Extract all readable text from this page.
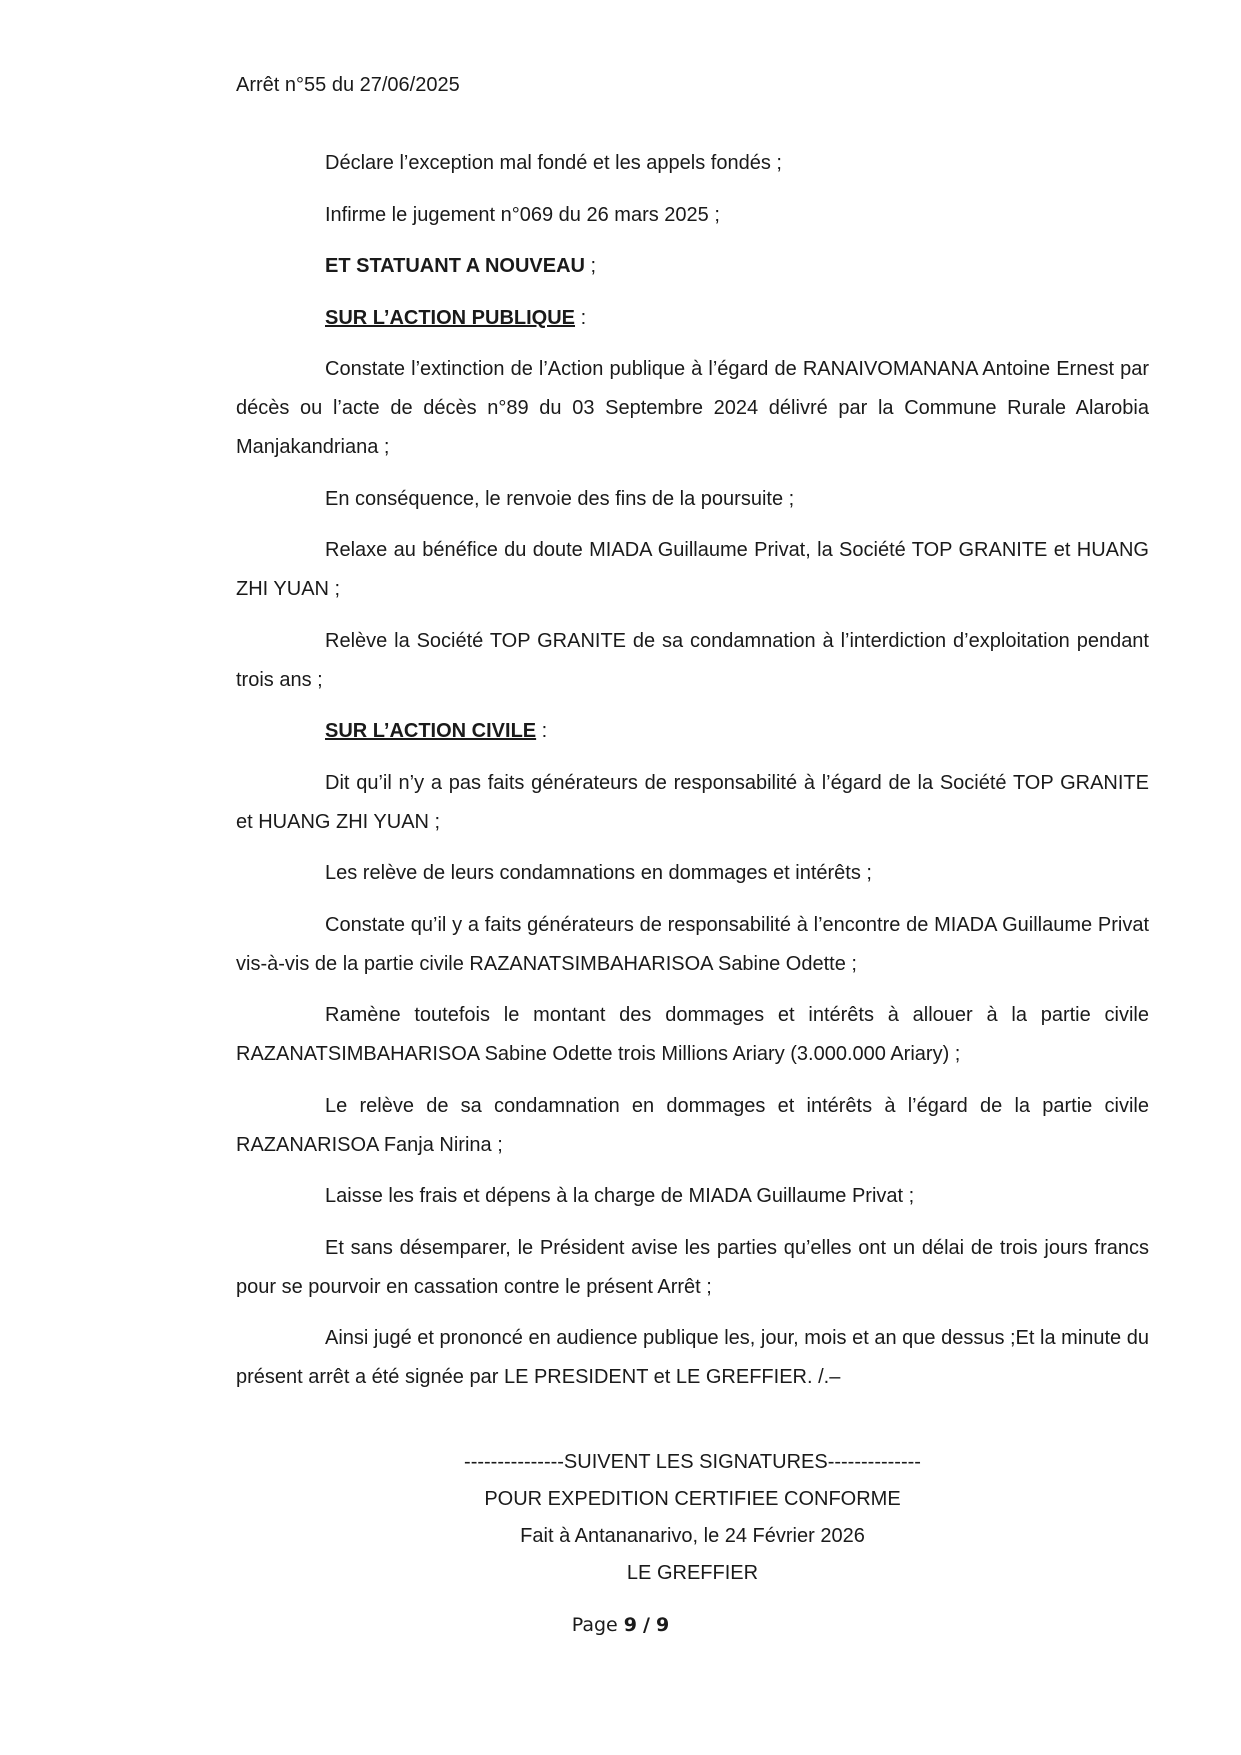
Arrêt n°55 du 27/06/2025

Déclare l’exception mal fondé et les appels fondés ;

Infirme le jugement n°069 du 26 mars 2025 ;

ET STATUANT A NOUVEAU ;

SUR L’ACTION PUBLIQUE :

Constate l’extinction de l’Action publique à l’égard de RANAIVOMANANA Antoine Ernest par décès ou l’acte de décès n°89 du 03 Septembre 2024 délivré par la Commune Rurale Alarobia Manjakandriana ;

En conséquence, le renvoie des fins de la poursuite ;

Relaxe au bénéfice du doute MIADA Guillaume Privat, la Société TOP GRANITE et HUANG ZHI YUAN ;

Relève la Société TOP GRANITE de sa condamnation à l’interdiction d’exploitation pendant trois ans ;

SUR L’ACTION CIVILE :

Dit qu’il n’y a pas faits générateurs de responsabilité à l’égard de la Société TOP GRANITE et HUANG ZHI YUAN ;

Les relève de leurs condamnations en dommages et intérêts ;

Constate qu’il y a faits générateurs de responsabilité à l’encontre de MIADA Guillaume Privat vis-à-vis de la partie civile RAZANATSIMBAHARISOA Sabine Odette ;

Ramène toutefois le montant des dommages et intérêts à allouer à la partie civile RAZANATSIMBAHARISOA Sabine Odette trois Millions Ariary (3.000.000 Ariary) ;

Le relève de sa condamnation en dommages et intérêts à l’égard de la partie civile RAZANARISOA Fanja Nirina ;

Laisse les frais et dépens à la charge de MIADA Guillaume Privat ;

Et sans désemparer, le Président avise les parties qu’elles ont un délai de trois jours francs pour se pourvoir en cassation contre le présent Arrêt ;

Ainsi jugé et prononcé en audience publique les, jour, mois et an que dessus ;Et la minute du présent arrêt a été signée par LE PRESIDENT et LE GREFFIER. /.–

---------------SUIVENT LES SIGNATURES--------------
POUR EXPEDITION CERTIFIEE CONFORME
Fait à Antananarivo, le 24 Février 2026
LE GREFFIER
Page 9 / 9
